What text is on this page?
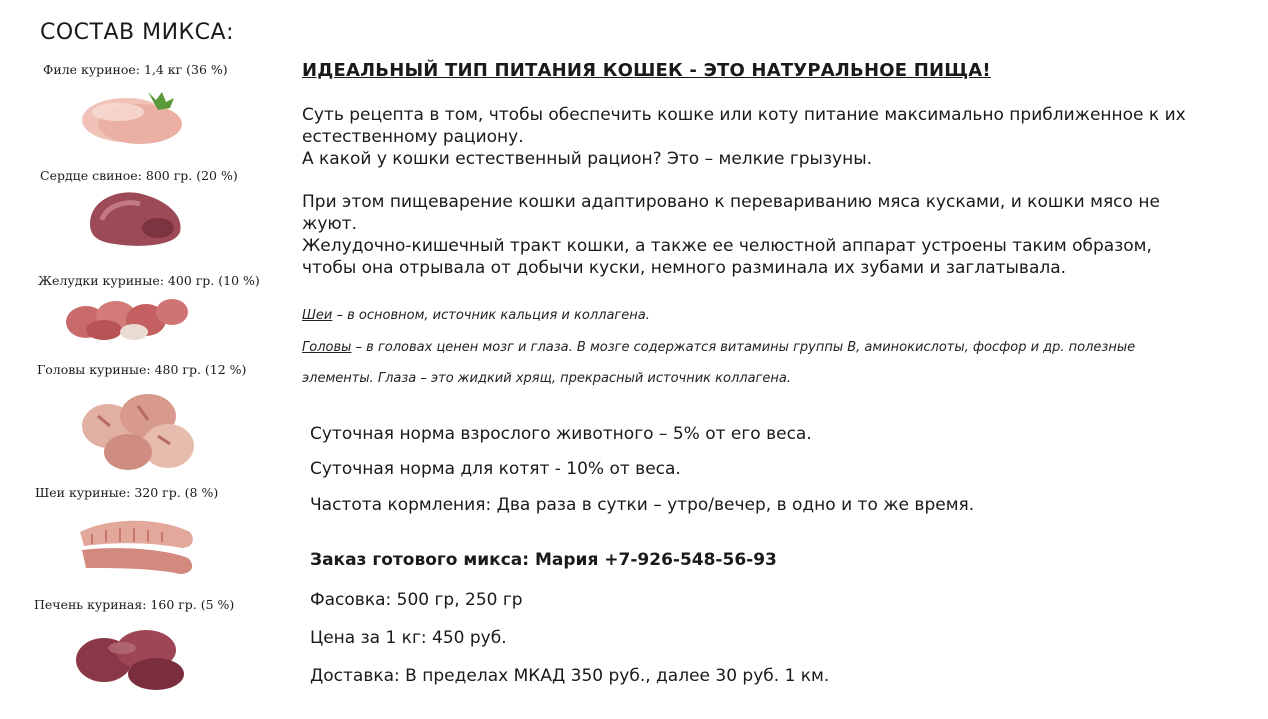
СОСТАВ МИКСА:
Филе куриное: 1,4 кг (36 %)
Сердце свиное: 800 гр. (20 %)
Желудки куриные: 400 гр. (10 %)
Головы куриные: 480 гр. (12 %)
Шеи куриные: 320 гр. (8 %)
Печень куриная: 160 гр. (5 %)
ИДЕАЛЬНЫЙ ТИП ПИТАНИЯ КОШЕК - ЭТО НАТУРАЛЬНОЕ ПИЩА!
Суть рецепта в том, чтобы обеспечить кошке или коту питание максимально приближенное к их
естественному рациону.
А какой у кошки естественный рацион? Это – мелкие грызуны.
При этом пищеварение кошки адаптировано к перевариванию мяса кусками, и кошки мясо не
жуют.
Желудочно-кишечный тракт кошки, а также ее челюстной аппарат устроены таким образом,
чтобы она отрывала от добычи куски, немного разминала их зубами и заглатывала.
Шеи – в основном, источник кальция и коллагена.
Головы – в головах ценен мозг и глаза. В мозге содержатся витамины группы В, аминокислоты, фосфор и др. полезные
элементы. Глаза – это жидкий хрящ, прекрасный источник коллагена.
Суточная норма взрослого животного – 5% от его веса.
Суточная норма для котят - 10% от веса.
Частота кормления: Два раза в сутки – утро/вечер, в одно и то же время.
Заказ готового микса: Мария +7-926-548-56-93
Фасовка: 500 гр, 250 гр
Цена за 1 кг: 450 руб.
Доставка: В пределах МКАД 350 руб., далее 30 руб. 1 км.
